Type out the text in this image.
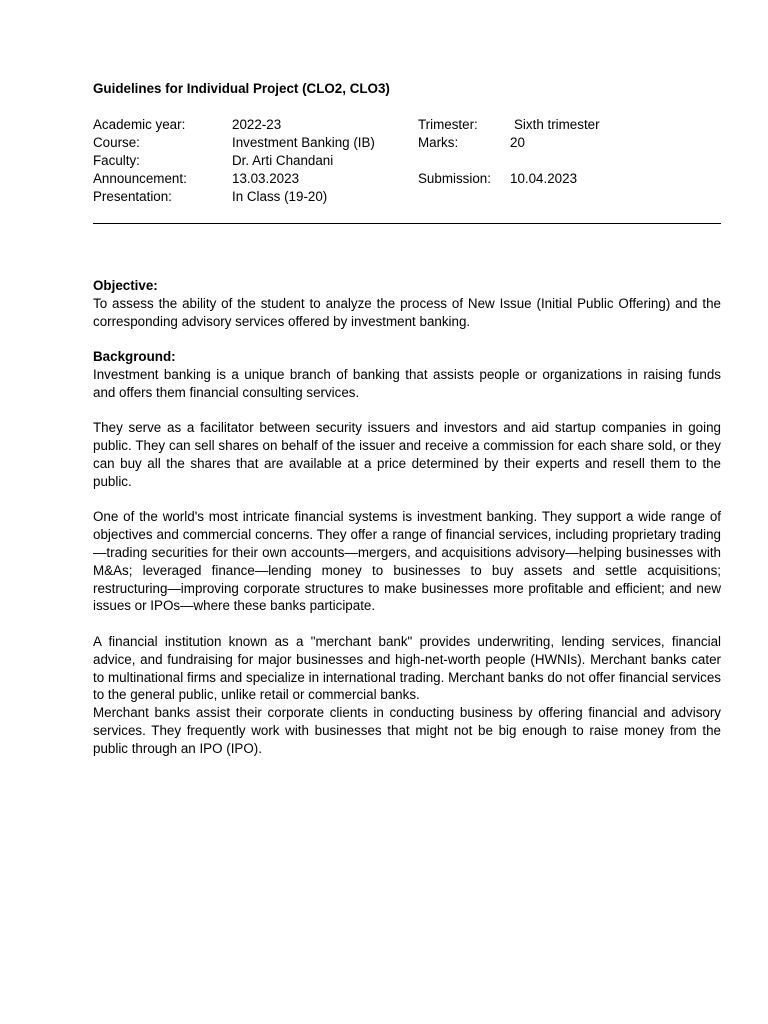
Guidelines for Individual Project (CLO2, CLO3)

Academic year:	2022-23	Trimester:	Sixth trimester
Course:	Investment Banking (IB)	Marks:	20
Faculty:	Dr. Arti Chandani
Announcement:	13.03.2023	Submission: 10.04.2023
Presentation:	In Class (19-20)

Objective:

To assess the ability of the student to analyze the process of New Issue (Initial Public Offering) and the corresponding advisory services offered by investment banking.

Background:

Investment banking is a unique branch of banking that assists people or organizations in raising funds and offers them financial consulting services.

They serve as a facilitator between security issuers and investors and aid startup companies in going public. They can sell shares on behalf of the issuer and receive a commission for each share sold, or they can buy all the shares that are available at a price determined by their experts and resell them to the public.

One of the world's most intricate financial systems is investment banking. They support a wide range of objectives and commercial concerns. They offer a range of financial services, including proprietary trading—trading securities for their own accounts—mergers, and acquisitions advisory—helping businesses with M&As; leveraged finance—lending money to businesses to buy assets and settle acquisitions; restructuring—improving corporate structures to make businesses more profitable and efficient; and new issues or IPOs—where these banks participate.

A financial institution known as a "merchant bank" provides underwriting, lending services, financial advice, and fundraising for major businesses and high-net-worth people (HWNIs). Merchant banks cater to multinational firms and specialize in international trading. Merchant banks do not offer financial services to the general public, unlike retail or commercial banks.

Merchant banks assist their corporate clients in conducting business by offering financial and advisory services. They frequently work with businesses that might not be big enough to raise money from the public through an IPO (IPO).
